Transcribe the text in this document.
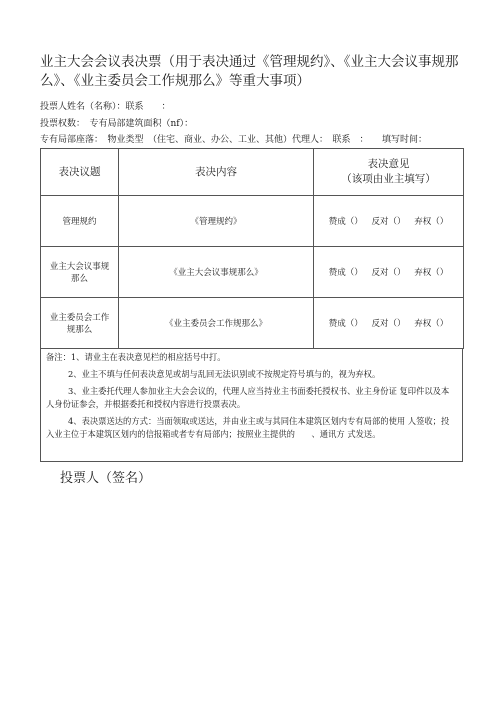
业主大会会议表决票（用于表决通过《管理规约》、《业主大会议事规那么》、《业主委员会工作规那么》等重大事项）
投票人姓名（名称）：联系　　：
投票权数：　专有局部建筑面积（nf）：
专有局部座落：　物业类型　（住宅、商业、办公、工业、其他）代理人：　联系　：　　填写时间：
表决议题	表决内容	表决意见
（该项由业主填写）

管理规约	《管理规约》	赞成（） 反对（） 弃权（）
业主大会议事规 那么	《业主大会议事规那么》	赞成（） 反对（） 弃权（）
业主委员会工作 规那么	《业主委员会工作规那么》	赞成（） 反对（） 弃权（）

备注：1、请业主在表决意见栏的相应括号中打。

2、业主不填与任何表决意见或胡与乱回无法识别或不按规定符号填与的，视为弃权。

3、业主委托代理人参加业主大会会议的，代理人应当持业主书面委托授权书、业主身份证 复印件以及本人身份证参会，并根据委托和授权内容进行投票表决。

4、表决票送达的方式：当面领取或送达，并由业主或与其同住本建筑区划内专有局部的使用 人签收；投入业主位于本建筑区划内的信报箱或者专有局部内；按照业主提供的　　、通讯方 式发送。

投票人（签名）
